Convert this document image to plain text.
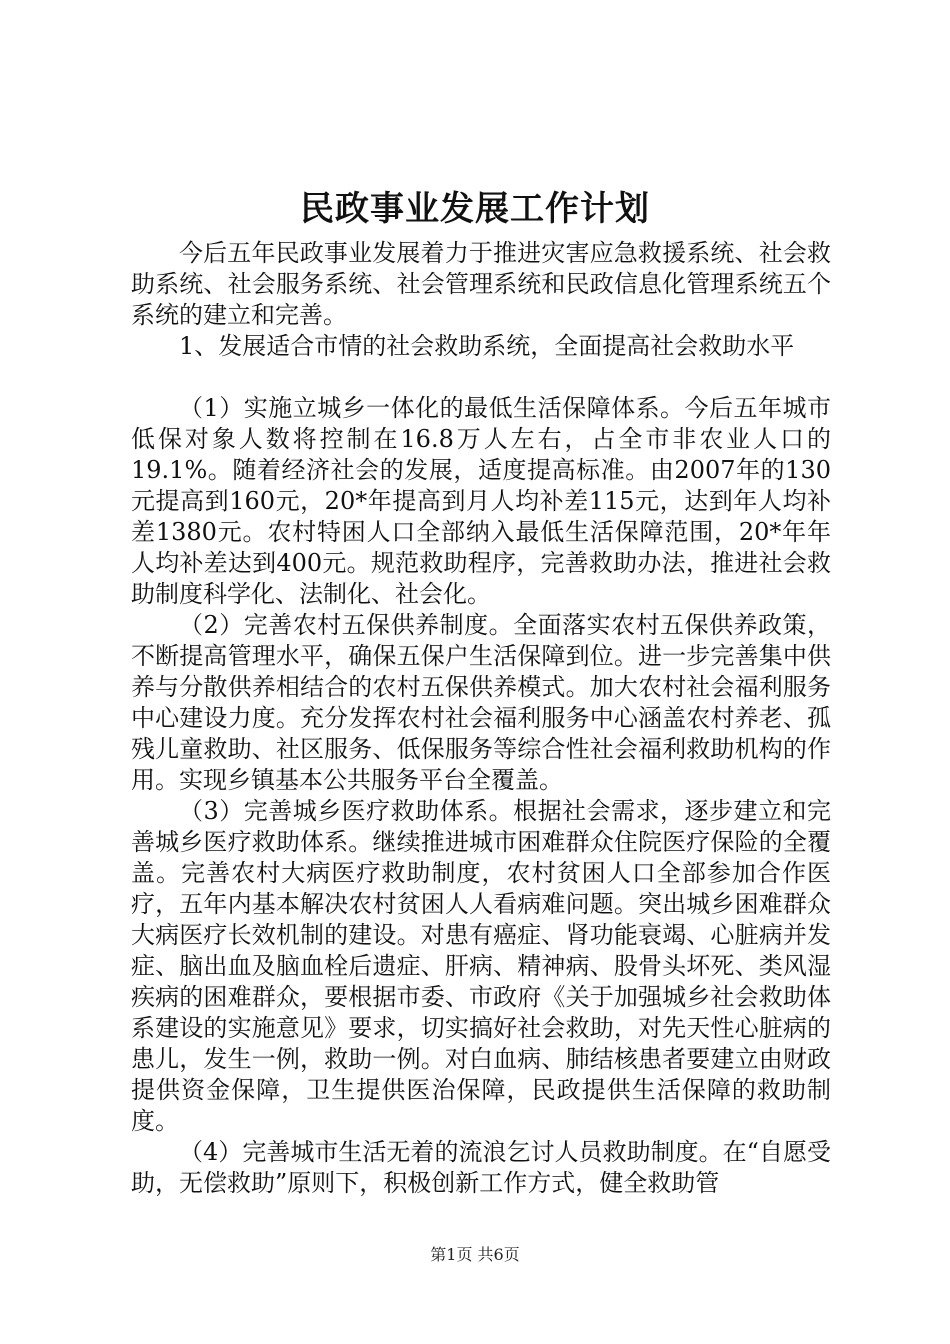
民政事业发展工作计划

今后五年民政事业发展着力于推进灾害应急救援系统、社会救助系统、社会服务系统、社会管理系统和民政信息化管理系统五个系统的建立和完善。

1、发展适合市情的社会救助系统，全面提高社会救助水平

（1）实施立城乡一体化的最低生活保障体系。今后五年城市低保对象人数将控制在16.8万人左右，占全市非农业人口的19.1%。随着经济社会的发展，适度提高标准。由2007年的130元提高到160元，20*年提高到月人均补差115元，达到年人均补差1380元。农村特困人口全部纳入最低生活保障范围，20*年年人均补差达到400元。规范救助程序，完善救助办法，推进社会救助制度科学化、法制化、社会化。

（2）完善农村五保供养制度。全面落实农村五保供养政策，不断提高管理水平，确保五保户生活保障到位。进一步完善集中供养与分散供养相结合的农村五保供养模式。加大农村社会福利服务中心建设力度。充分发挥农村社会福利服务中心涵盖农村养老、孤残儿童救助、社区服务、低保服务等综合性社会福利救助机构的作用。实现乡镇基本公共服务平台全覆盖。

（3）完善城乡医疗救助体系。根据社会需求，逐步建立和完善城乡医疗救助体系。继续推进城市困难群众住院医疗保险的全覆盖。完善农村大病医疗救助制度，农村贫困人口全部参加合作医疗，五年内基本解决农村贫困人人看病难问题。突出城乡困难群众大病医疗长效机制的建设。对患有癌症、肾功能衰竭、心脏病并发症、脑出血及脑血栓后遗症、肝病、精神病、股骨头坏死、类风湿疾病的困难群众，要根据市委、市政府《关于加强城乡社会救助体系建设的实施意见》要求，切实搞好社会救助，对先天性心脏病的患儿，发生一例，救助一例。对白血病、肺结核患者要建立由财政提供资金保障，卫生提供医治保障，民政提供生活保障的救助制度。

（4）完善城市生活无着的流浪乞讨人员救助制度。在“自愿受助，无偿救助”原则下，积极创新工作方式，健全救助管

第1页 共6页
